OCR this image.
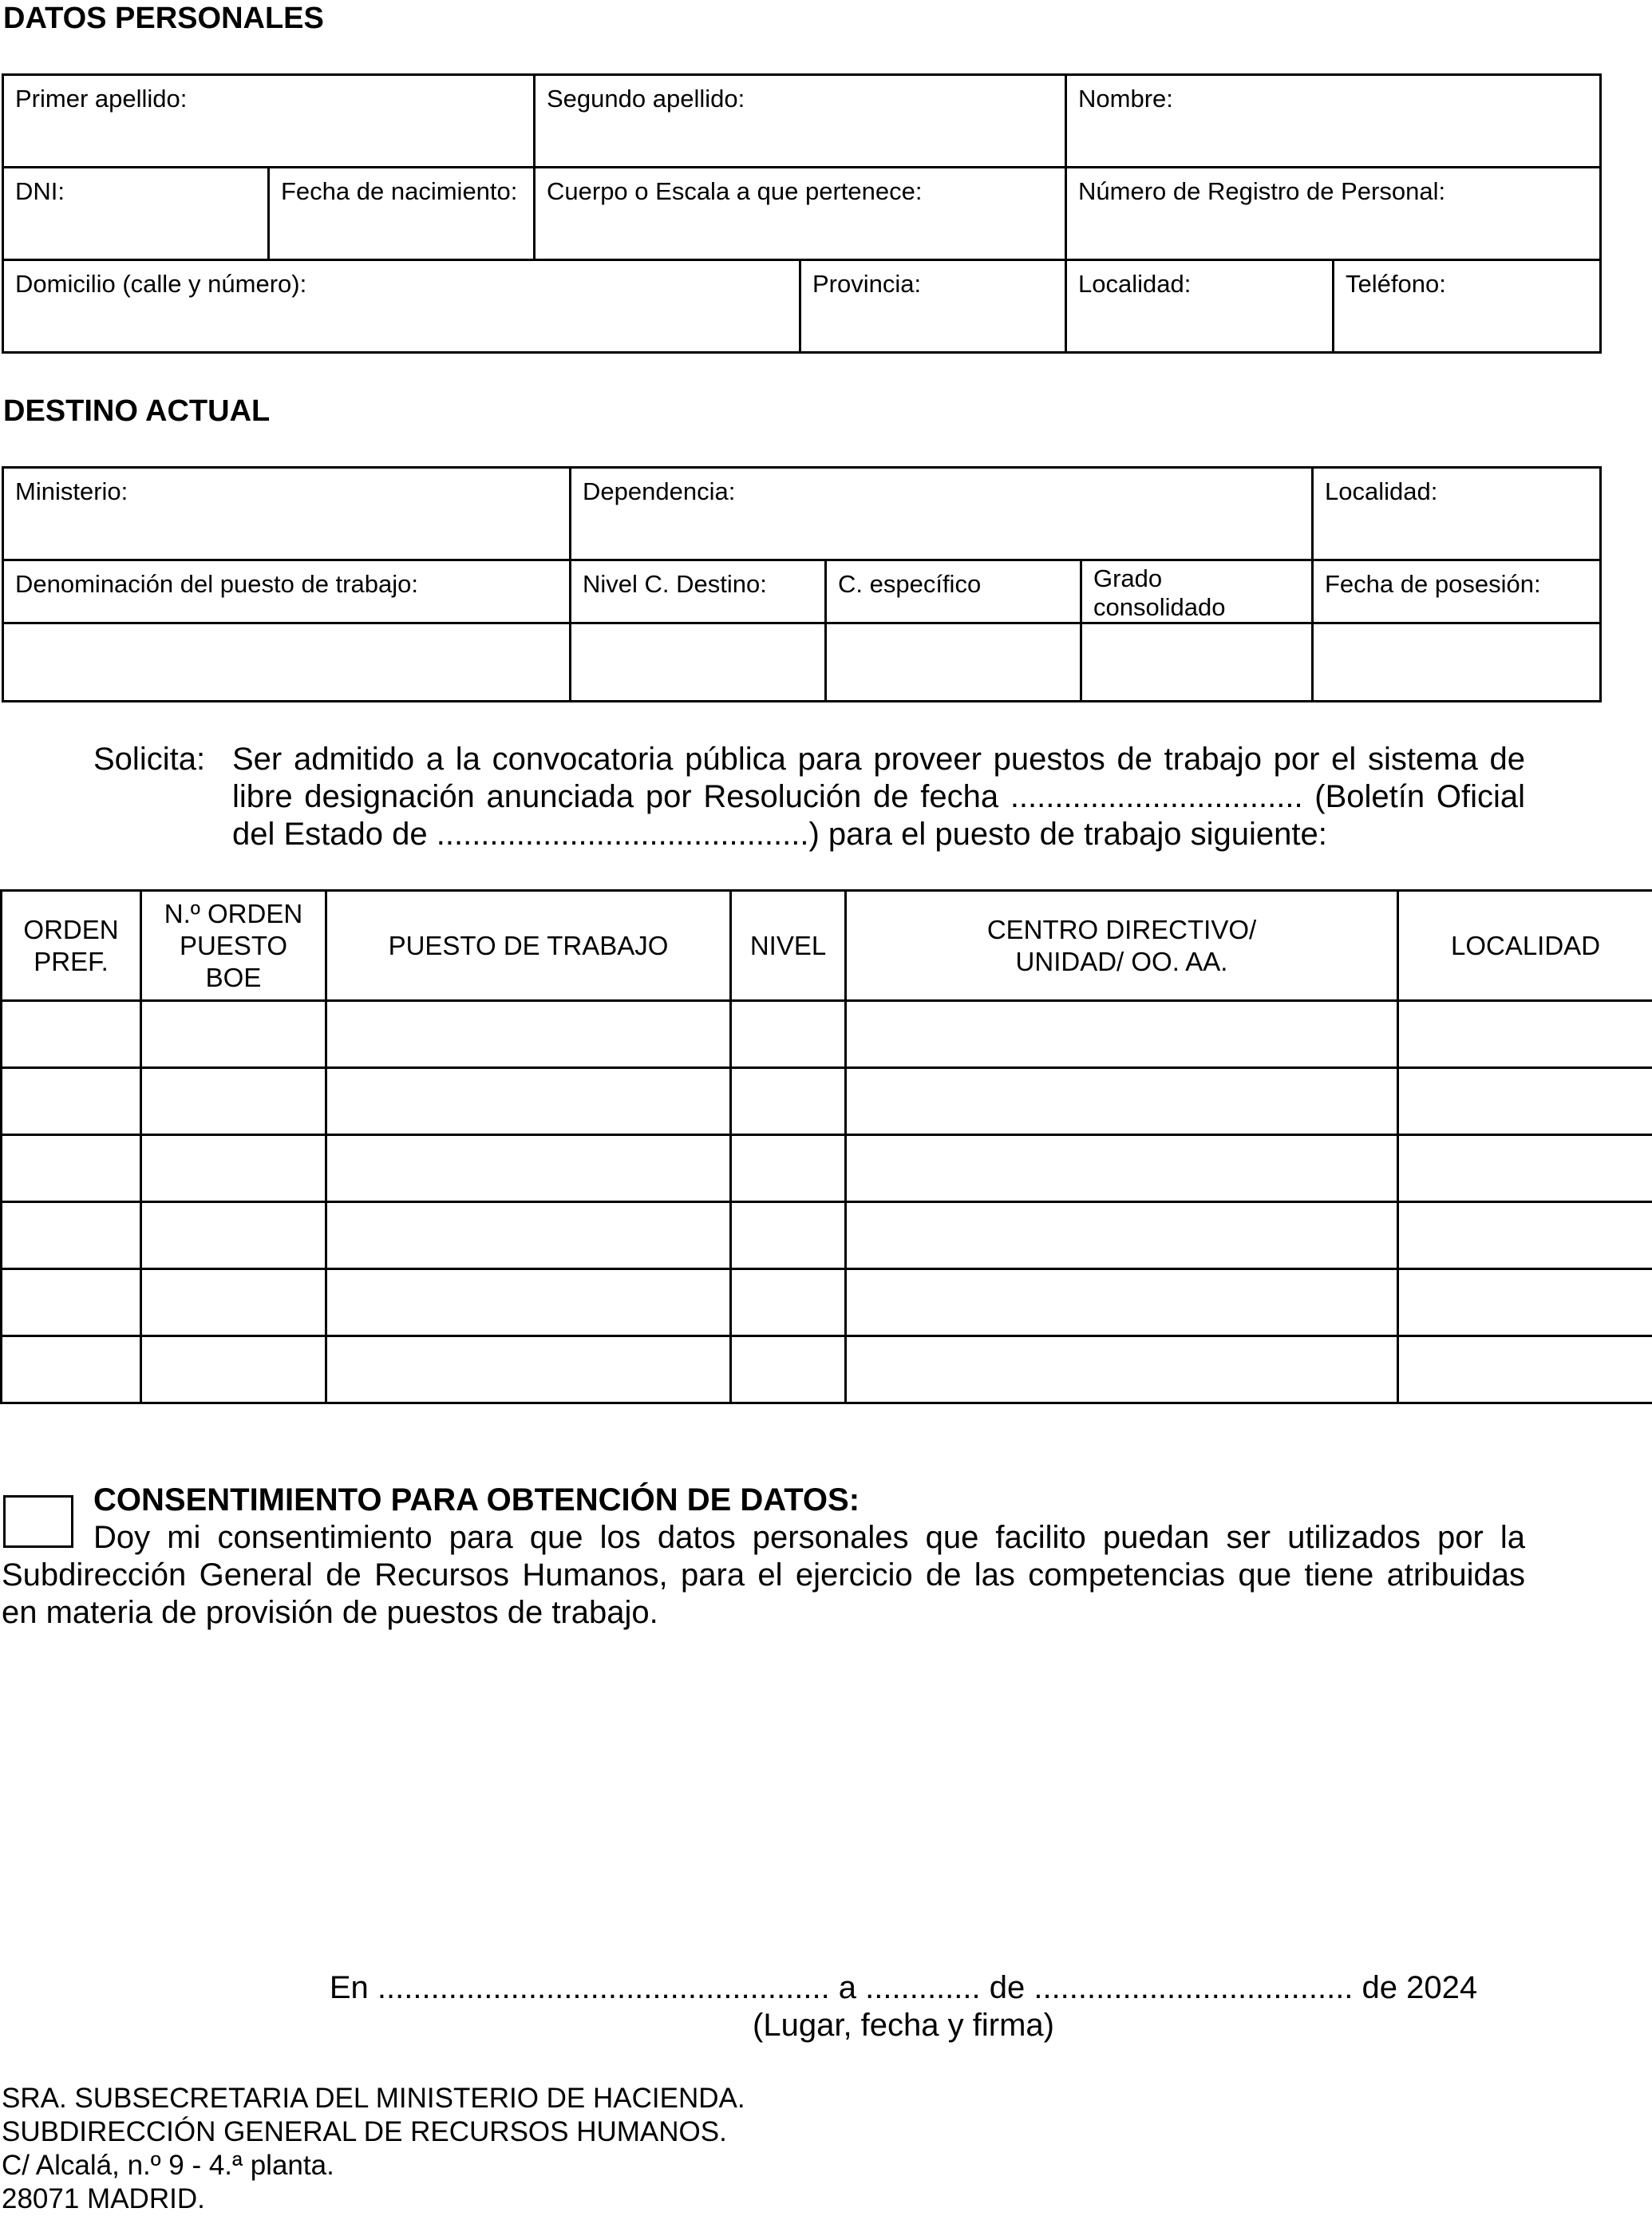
DATOS PERSONALES
Primer apellido:		Segundo apellido:		Nombre:	
DNI:	Fecha de nacimiento:	Cuerpo o Escala a que pertenece:		Número de Registro de Personal:	
Domicilio (calle y número):			Provincia:	Localidad:	Teléfono:
DESTINO ACTUAL
Ministerio:	Dependencia:			Localidad:
Denominación del puesto de trabajo:	Nivel C. Destino:	C. específico	Grado consolidado	Fecha de posesión:

Solicita: Ser admitido a la convocatoria pública para proveer puestos de trabajo por el sistema de
libre designación anunciada por Resolución de fecha ................................. (Boletín Oficial
del Estado de ..........................................) para el puesto de trabajo siguiente:
ORDEN PREF.	N.º ORDEN PUESTO BOE	PUESTO DE TRABAJO	NIVEL	CENTRO DIRECTIVO/ UNIDAD/ OO. AA.	LOCALIDAD

CONSENTIMIENTO PARA OBTENCIÓN DE DATOS:
Doy mi consentimiento para que los datos personales que facilito puedan ser utilizados por la
Subdirección General de Recursos Humanos, para el ejercicio de las competencias que tiene atribuidas
en materia de provisión de puestos de trabajo.
En ................................................... a ............. de .................................... de 2024
(Lugar, fecha y firma)
SRA. SUBSECRETARIA DEL MINISTERIO DE HACIENDA.
SUBDIRECCIÓN GENERAL DE RECURSOS HUMANOS.
C/ Alcalá, n.º 9 - 4.ª planta.
28071 MADRID.
